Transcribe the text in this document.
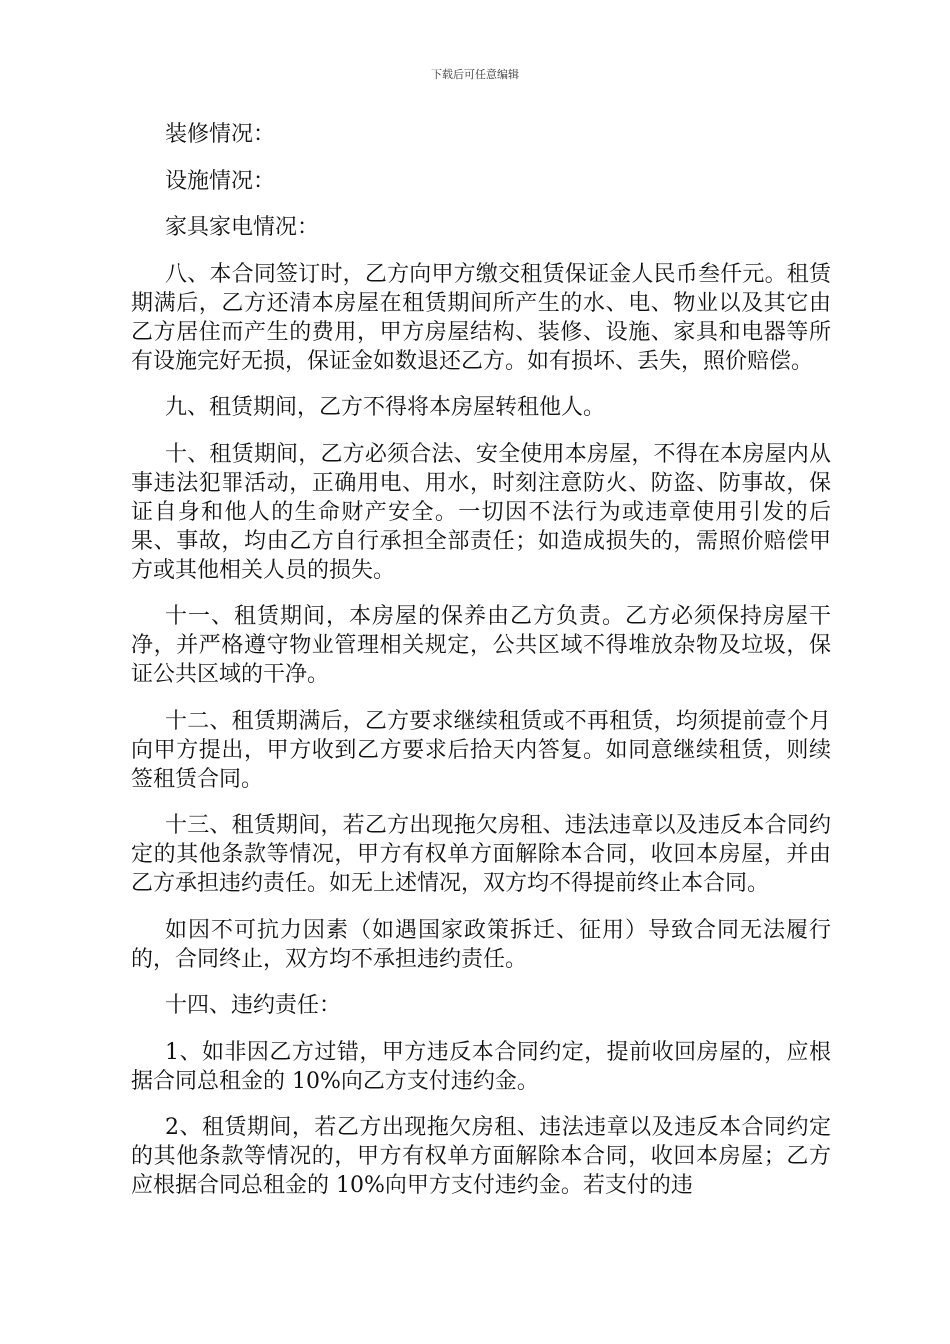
下载后可任意编辑

装修情况：

设施情况：

家具家电情况：

八、本合同签订时，乙方向甲方缴交租赁保证金人民币叁仟元。租赁期满后，乙方还清本房屋在租赁期间所产生的水、电、物业以及其它由乙方居住而产生的费用，甲方房屋结构、装修、设施、家具和电器等所有设施完好无损，保证金如数退还乙方。如有损坏、丢失，照价赔偿。

九、租赁期间，乙方不得将本房屋转租他人。

十、租赁期间，乙方必须合法、安全使用本房屋，不得在本房屋内从事违法犯罪活动，正确用电、用水，时刻注意防火、防盗、防事故，保证自身和他人的生命财产安全。一切因不法行为或违章使用引发的后果、事故，均由乙方自行承担全部责任；如造成损失的，需照价赔偿甲方或其他相关人员的损失。

十一、租赁期间，本房屋的保养由乙方负责。乙方必须保持房屋干净，并严格遵守物业管理相关规定，公共区域不得堆放杂物及垃圾，保证公共区域的干净。

十二、租赁期满后，乙方要求继续租赁或不再租赁，均须提前壹个月向甲方提出，甲方收到乙方要求后拾天内答复。如同意继续租赁，则续签租赁合同。

十三、租赁期间，若乙方出现拖欠房租、违法违章以及违反本合同约定的其他条款等情况，甲方有权单方面解除本合同，收回本房屋，并由乙方承担违约责任。如无上述情况，双方均不得提前终止本合同。

如因不可抗力因素（如遇国家政策拆迁、征用）导致合同无法履行的，合同终止，双方均不承担违约责任。

十四、违约责任：

1、如非因乙方过错，甲方违反本合同约定，提前收回房屋的，应根据合同总租金的 10%向乙方支付违约金。

2、租赁期间，若乙方出现拖欠房租、违法违章以及违反本合同约定的其他条款等情况的，甲方有权单方面解除本合同，收回本房屋；乙方应根据合同总租金的 10%向甲方支付违约金。若支付的违
